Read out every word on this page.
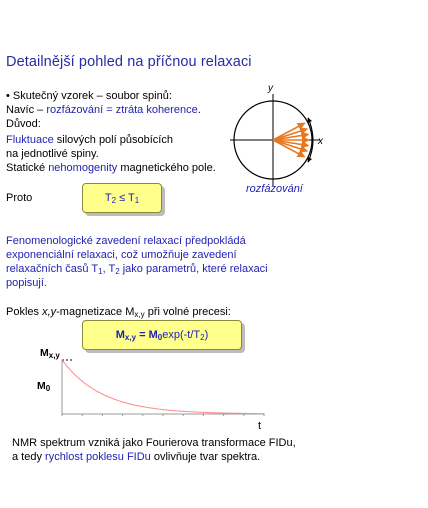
Detailnější pohled na příčnou relaxaci
• Skutečný vzorek – soubor spinů:
Navíc – rozfázování = ztráta koherence.
Důvod:
Fluktuace silových polí působících
na jednotlivé spiny.
Statické nehomogenity magnetického pole.
Proto	$T_2 \le T_1$
y
x
rozfázování
Fenomenologické zavedení relaxací předpokládá
exponenciální relaxaci, což umožňuje zavedení
relaxačních časů $T_1$, $T_2$ jako parametrů, které relaxaci
popisují.
Pokles x,y-magnetizace $M_{x,y}$ při volné precesi:
$M_{x,y} = M_0\exp(-t/T_2)$
$M_{x,y}$
$M_0$
t
NMR spektrum vzniká jako Fourierova transformace FIDu,
a tedy rychlost poklesu FIDu ovlivňuje tvar spektra.
